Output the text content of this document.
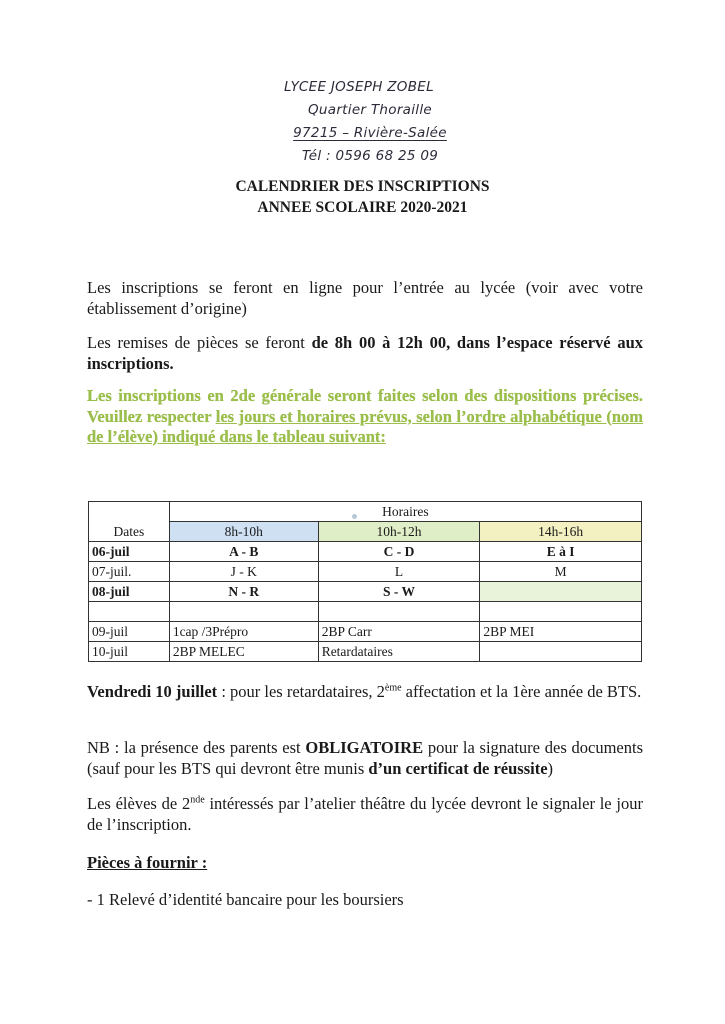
LYCEE JOSEPH ZOBEL
Quartier Thoraille
97215 – Rivière-Salée
Tél : 0596 68 25 09
CALENDRIER DES INSCRIPTIONS
ANNEE SCOLAIRE 2020-2021
Les inscriptions se feront en ligne pour l’entrée au lycée (voir avec votre établissement d’origine)
Les remises de pièces se feront de 8h 00 à 12h 00, dans l’espace réservé aux inscriptions.
Les inscriptions en 2de générale seront faites selon des dispositions précises. Veuillez respecter les jours et horaires prévus, selon l’ordre alphabétique (nom de l’élève) indiqué dans le tableau suivant:
Dates	Horaires		
	8h-10h	10h-12h	14h-16h
06-juil	A - B	C - D	E à I
07-juil.	J - K	L	M
08-juil	N - R	S - W	

09-juil	1cap /3Prépro	2BP Carr	2BP MEI
10-juil	2BP MELEC	Retardataires	
Vendredi 10 juillet : pour les retardataires, 2ème affectation et la 1ère année de BTS.
NB : la présence des parents est OBLIGATOIRE pour la signature des documents (sauf pour les BTS qui devront être munis d’un certificat de réussite)
Les élèves de 2nde intéressés par l’atelier théâtre du lycée devront le signaler le jour de l’inscription.
Pièces à fournir :
- 1 Relevé d’identité bancaire pour les boursiers
